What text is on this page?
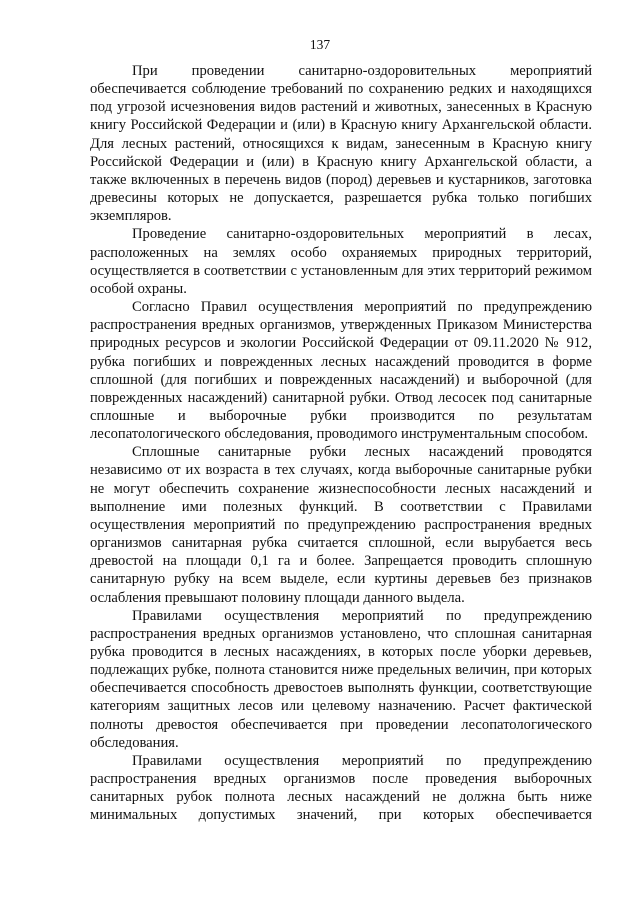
137

При проведении санитарно-оздоровительных мероприятий обеспечивается соблюдение требований по сохранению редких и находящихся под угрозой исчезновения видов растений и животных, занесенных в Красную книгу Российской Федерации и (или) в Красную книгу Архангельской области. Для лесных растений, относящихся к видам, занесенным в Красную книгу Российской Федерации и (или) в Красную книгу Архангельской области, а также включенных в перечень видов (пород) деревьев и кустарников, заготовка древесины которых не допускается, разрешается рубка только погибших экземпляров.

Проведение санитарно-оздоровительных мероприятий в лесах, расположенных на землях особо охраняемых природных территорий, осуществляется в соответствии с установленным для этих территорий режимом особой охраны.

Согласно Правил осуществления мероприятий по предупреждению распространения вредных организмов, утвержденных Приказом Министерства природных ресурсов и экологии Российской Федерации от 09.11.2020 № 912, рубка погибших и поврежденных лесных насаждений проводится в форме сплошной (для погибших и поврежденных насаждений) и выборочной (для поврежденных насаждений) санитарной рубки. Отвод лесосек под санитарные сплошные и выборочные рубки производится по результатам лесопатологического обследования, проводимого инструментальным способом.

Сплошные санитарные рубки лесных насаждений проводятся независимо от их возраста в тех случаях, когда выборочные санитарные рубки не могут обеспечить сохранение жизнеспособности лесных насаждений и выполнение ими полезных функций. В соответствии с Правилами осуществления мероприятий по предупреждению распространения вредных организмов санитарная рубка считается сплошной, если вырубается весь древостой на площади 0,1 га и более. Запрещается проводить сплошную санитарную рубку на всем выделе, если куртины деревьев без признаков ослабления превышают половину площади данного выдела.

Правилами осуществления мероприятий по предупреждению распространения вредных организмов установлено, что сплошная санитарная рубка проводится в лесных насаждениях, в которых после уборки деревьев, подлежащих рубке, полнота становится ниже предельных величин, при которых обеспечивается способность древостоев выполнять функции, соответствующие категориям защитных лесов или целевому назначению. Расчет фактической полноты древостоя обеспечивается при проведении лесопатологического обследования.

Правилами осуществления мероприятий по предупреждению распространения вредных организмов после проведения выборочных санитарных рубок полнота лесных насаждений не должна быть ниже минимальных допустимых значений, при которых обеспечивается
